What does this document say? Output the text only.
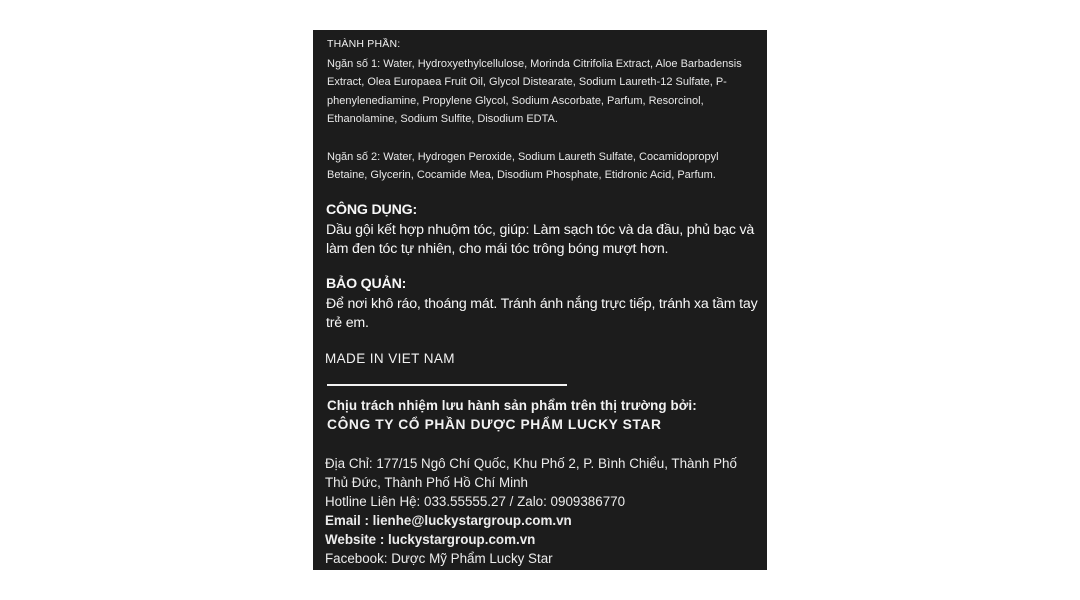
THÀNH PHẦN:
Ngăn số 1: Water, Hydroxyethylcellulose, Morinda Citrifolia Extract, Aloe Barbadensis Extract, Olea Europaea Fruit Oil, Glycol Distearate, Sodium Laureth-12 Sulfate, P-phenylenediamine, Propylene Glycol, Sodium Ascorbate, Parfum, Resorcinol, Ethanolamine, Sodium Sulfite, Disodium EDTA.
Ngăn số 2: Water, Hydrogen Peroxide, Sodium Laureth Sulfate, Cocamidopropyl Betaine, Glycerin, Cocamide Mea, Disodium Phosphate, Etidronic Acid, Parfum.
CÔNG DỤNG:
Dầu gội kết hợp nhuộm tóc, giúp: Làm sạch tóc và da đầu, phủ bạc và làm đen tóc tự nhiên, cho mái tóc trông bóng mượt hơn.
BẢO QUẢN:
Để nơi khô ráo, thoáng mát. Tránh ánh nắng trực tiếp, tránh xa tầm tay trẻ em.
MADE IN VIET NAM
Chịu trách nhiệm lưu hành sản phẩm trên thị trường bởi:
CÔNG TY CỔ PHẦN DƯỢC PHẨM LUCKY STAR
Địa Chỉ: 177/15 Ngô Chí Quốc, Khu Phố 2, P. Bình Chiểu, Thành Phố Thủ Đức, Thành Phố Hồ Chí Minh
Hotline Liên Hệ: 033.55555.27 / Zalo: 0909386770
Email : lienhe@luckystargroup.com.vn
Website : luckystargroup.com.vn
Facebook: Dược Mỹ Phẩm Lucky Star
